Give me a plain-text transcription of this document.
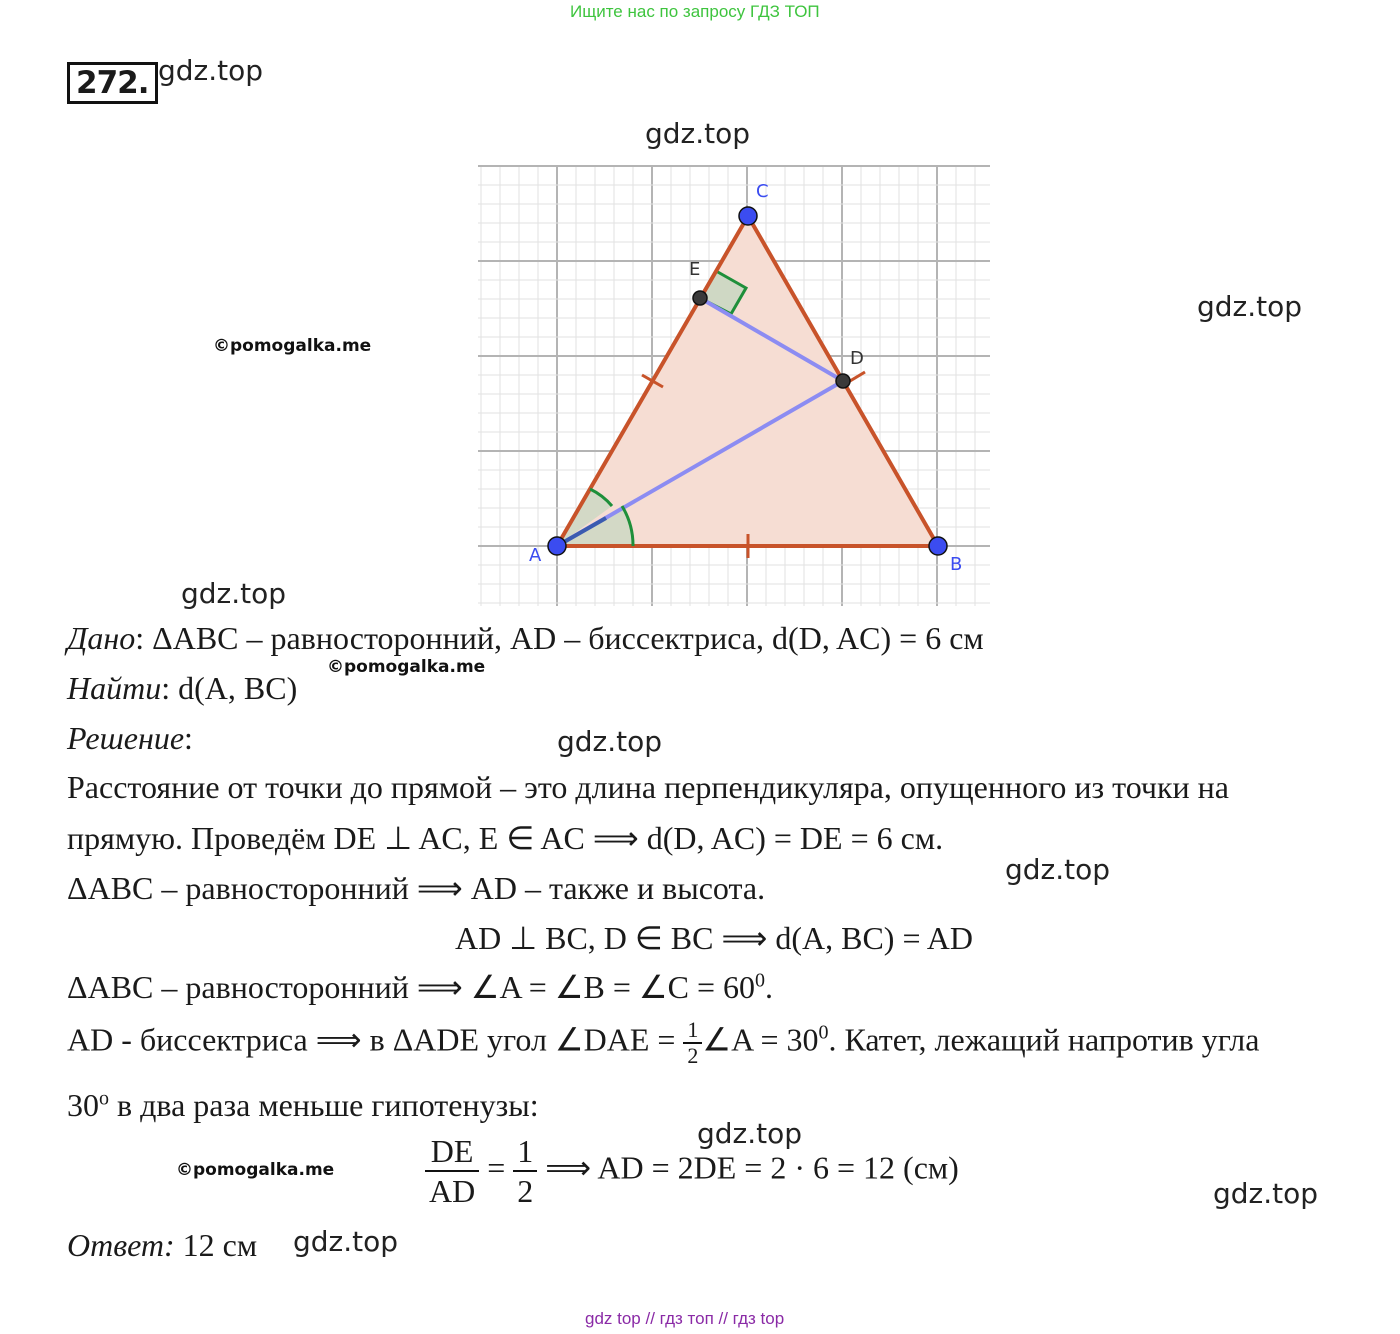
Ищите нас по запросу ГДЗ ТОП
272. gdz.top
gdz.top
gdz.top
©pomogalka.me
A	B
C
D
E
gdz.top
Дано: ΔABC – равносторонний, AD – биссектриса, d(D, AC) = 6 см
©pomogalka.me
Найти: d(A, BC)
Решение:	gdz.top
Расстояние от точки до прямой – это длина перпендикуляра, опущенного из точки на
прямую. Проведём DE ⊥ AC, E ∈ AC ⟹ d(D, AC) = DE = 6 см.
ΔABC – равносторонний ⟹ AD – также и высота.
gdz.top
AD ⊥ BC, D ∈ BC ⟹ d(A, BC) = AD
ΔABC – равносторонний ⟹ ∠A = ∠B = ∠C = $60^0$.
AD - биссектриса ⟹ в ΔADE угол ∠DAE = $\frac{1}{2}$ ∠A = $30^0$. Катет, лежащий напротив угла
30$^o$ в два раза меньше гипотенузы:
gdz.top
©pomogalka.me	$\frac{DE}{AD} = \frac{1}{2}$ ⟹ AD = 2DE = 2 · 6 = 12 (см)
gdz.top
Ответ: 12 см gdz.top
gdz top // гдз топ // гдз top
